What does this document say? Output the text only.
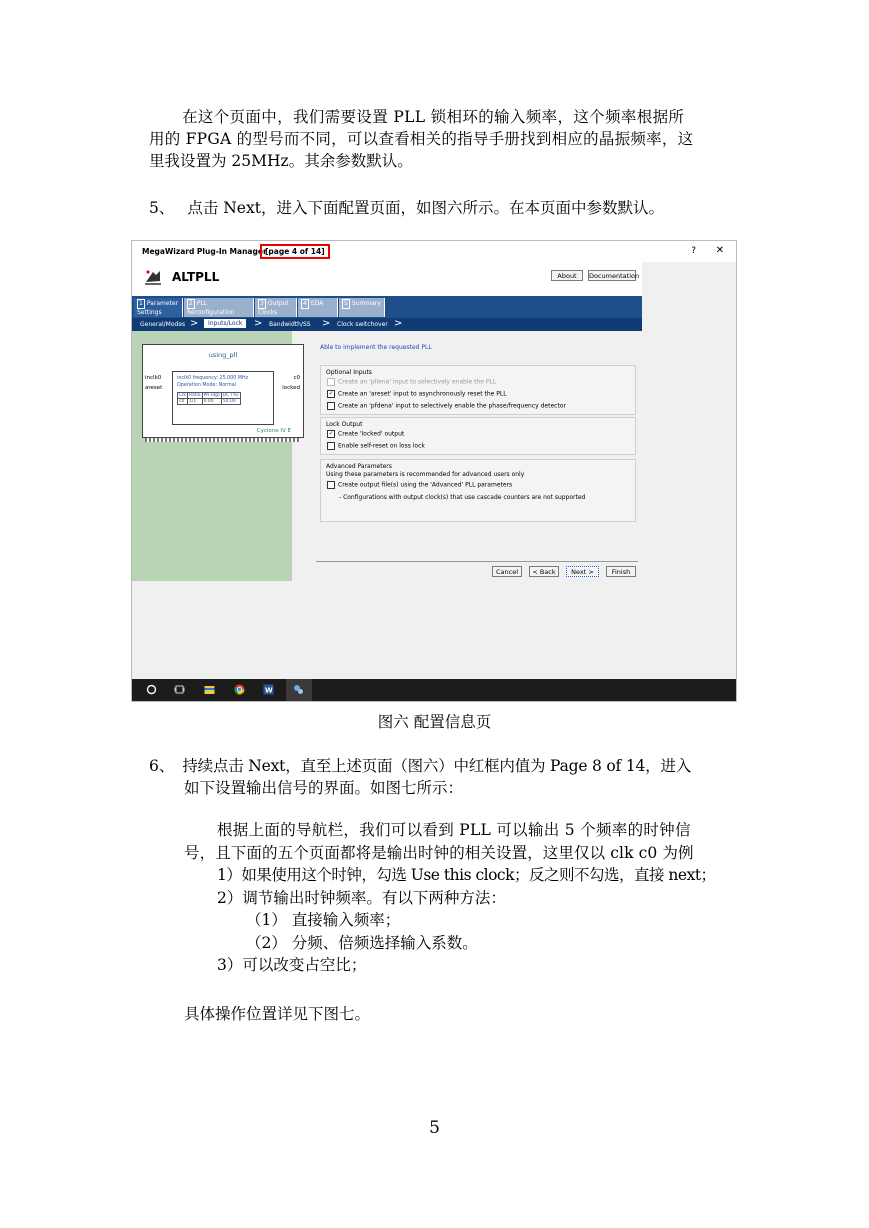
在这个页面中，我们需要设置 PLL 锁相环的输入频率，这个频率根据所

用的 FPGA 的型号而不同，可以查看相关的指导手册找到相应的晶振频率，这

里我设置为 25MHz。其余参数默认。

5、 点击 Next，进入下面配置页面，如图六所示。在本页面中参数默认。
MegaWizard Plug-In Manager
[page 4 of 14]	? ✕
ALTPLL	About	Documentation
1 Parameter Settings
2 PLL Reconfiguration
3 Output Clocks
4 EDA	5 Summary
General/Modes >	Inputs/Lock	> Bandwidth/SS > Clock switchover >
using_pll
inclk0
areset
c0
locked
inclk0 frequency: 25.000 MHz
Operation Mode: Normal
Clk	Ratio	Ph (dg)	DC (%)
c0	1/1	0.00	50.00
Cyclone IV E
Able to implement the requested PLL
Optional Inputs
Create an 'pllena' input to selectively enable the PLL
✓ Create an 'areset' input to asynchronously reset the PLL
Create an 'pfdena' input to selectively enable the phase/frequency detector
Lock Output
✓ Create 'locked' output
Enable self-reset on loss lock
Advanced Parameters
Using these parameters is recommended for advanced users only
Create output file(s) using the 'Advanced' PLL parameters
- Configurations with output clock(s) that use cascade counters are not supported
Cancel	< Back	Next >	Finish
W
图六 配置信息页

6、 持续点击 Next，直至上述页面（图六）中红框内值为 Page 8 of 14，进入

如下设置输出信号的界面。如图七所示：

根据上面的导航栏，我们可以看到 PLL 可以输出 5 个频率的时钟信

号，且下面的五个页面都将是输出时钟的相关设置，这里仅以 clk c0 为例

1）如果使用这个时钟，勾选 Use this clock；反之则不勾选，直接 next；

2）调节输出时钟频率。有以下两种方法：

（1） 直接输入频率；

（2） 分频、倍频选择输入系数。

3）可以改变占空比；

具体操作位置详见下图七。
5
